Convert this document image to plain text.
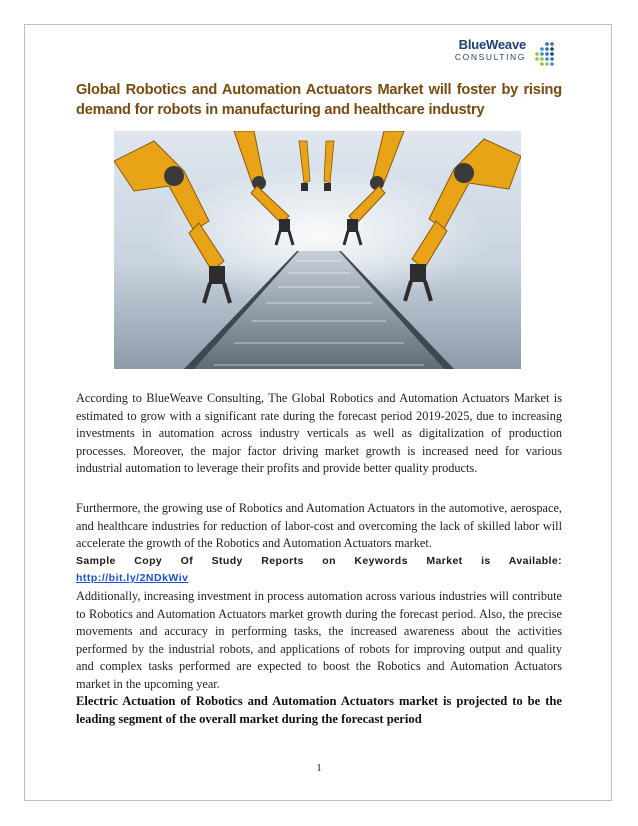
BlueWeave
CONSULTING
Global Robotics and Automation Actuators Market will foster by rising demand for robots in manufacturing and healthcare industry

According to BlueWeave Consulting, The Global Robotics and Automation Actuators Market is estimated to grow with a significant rate during the forecast period 2019-2025, due to increasing investments in automation across industry verticals as well as digitalization of production processes. Moreover, the major factor driving market growth is increased need for various industrial automation to leverage their profits and provide better quality products.

Furthermore, the growing use of Robotics and Automation Actuators in the automotive, aerospace, and healthcare industries for reduction of labor-cost and overcoming the lack of skilled labor will accelerate the growth of the Robotics and Automation Actuators market.

Sample Copy Of Study Reports on Keywords Market is Available:
http://bit.ly/2NDkWiv

Additionally, increasing investment in process automation across various industries will contribute to Robotics and Automation Actuators market growth during the forecast period. Also, the precise movements and accuracy in performing tasks, the increased awareness about the activities performed by the industrial robots, and applications of robots for improving output and quality and complex tasks performed are expected to boost the Robotics and Automation Actuators market in the upcoming year.

Electric Actuation of Robotics and Automation Actuators market is projected to be the leading segment of the overall market during the forecast period

1
